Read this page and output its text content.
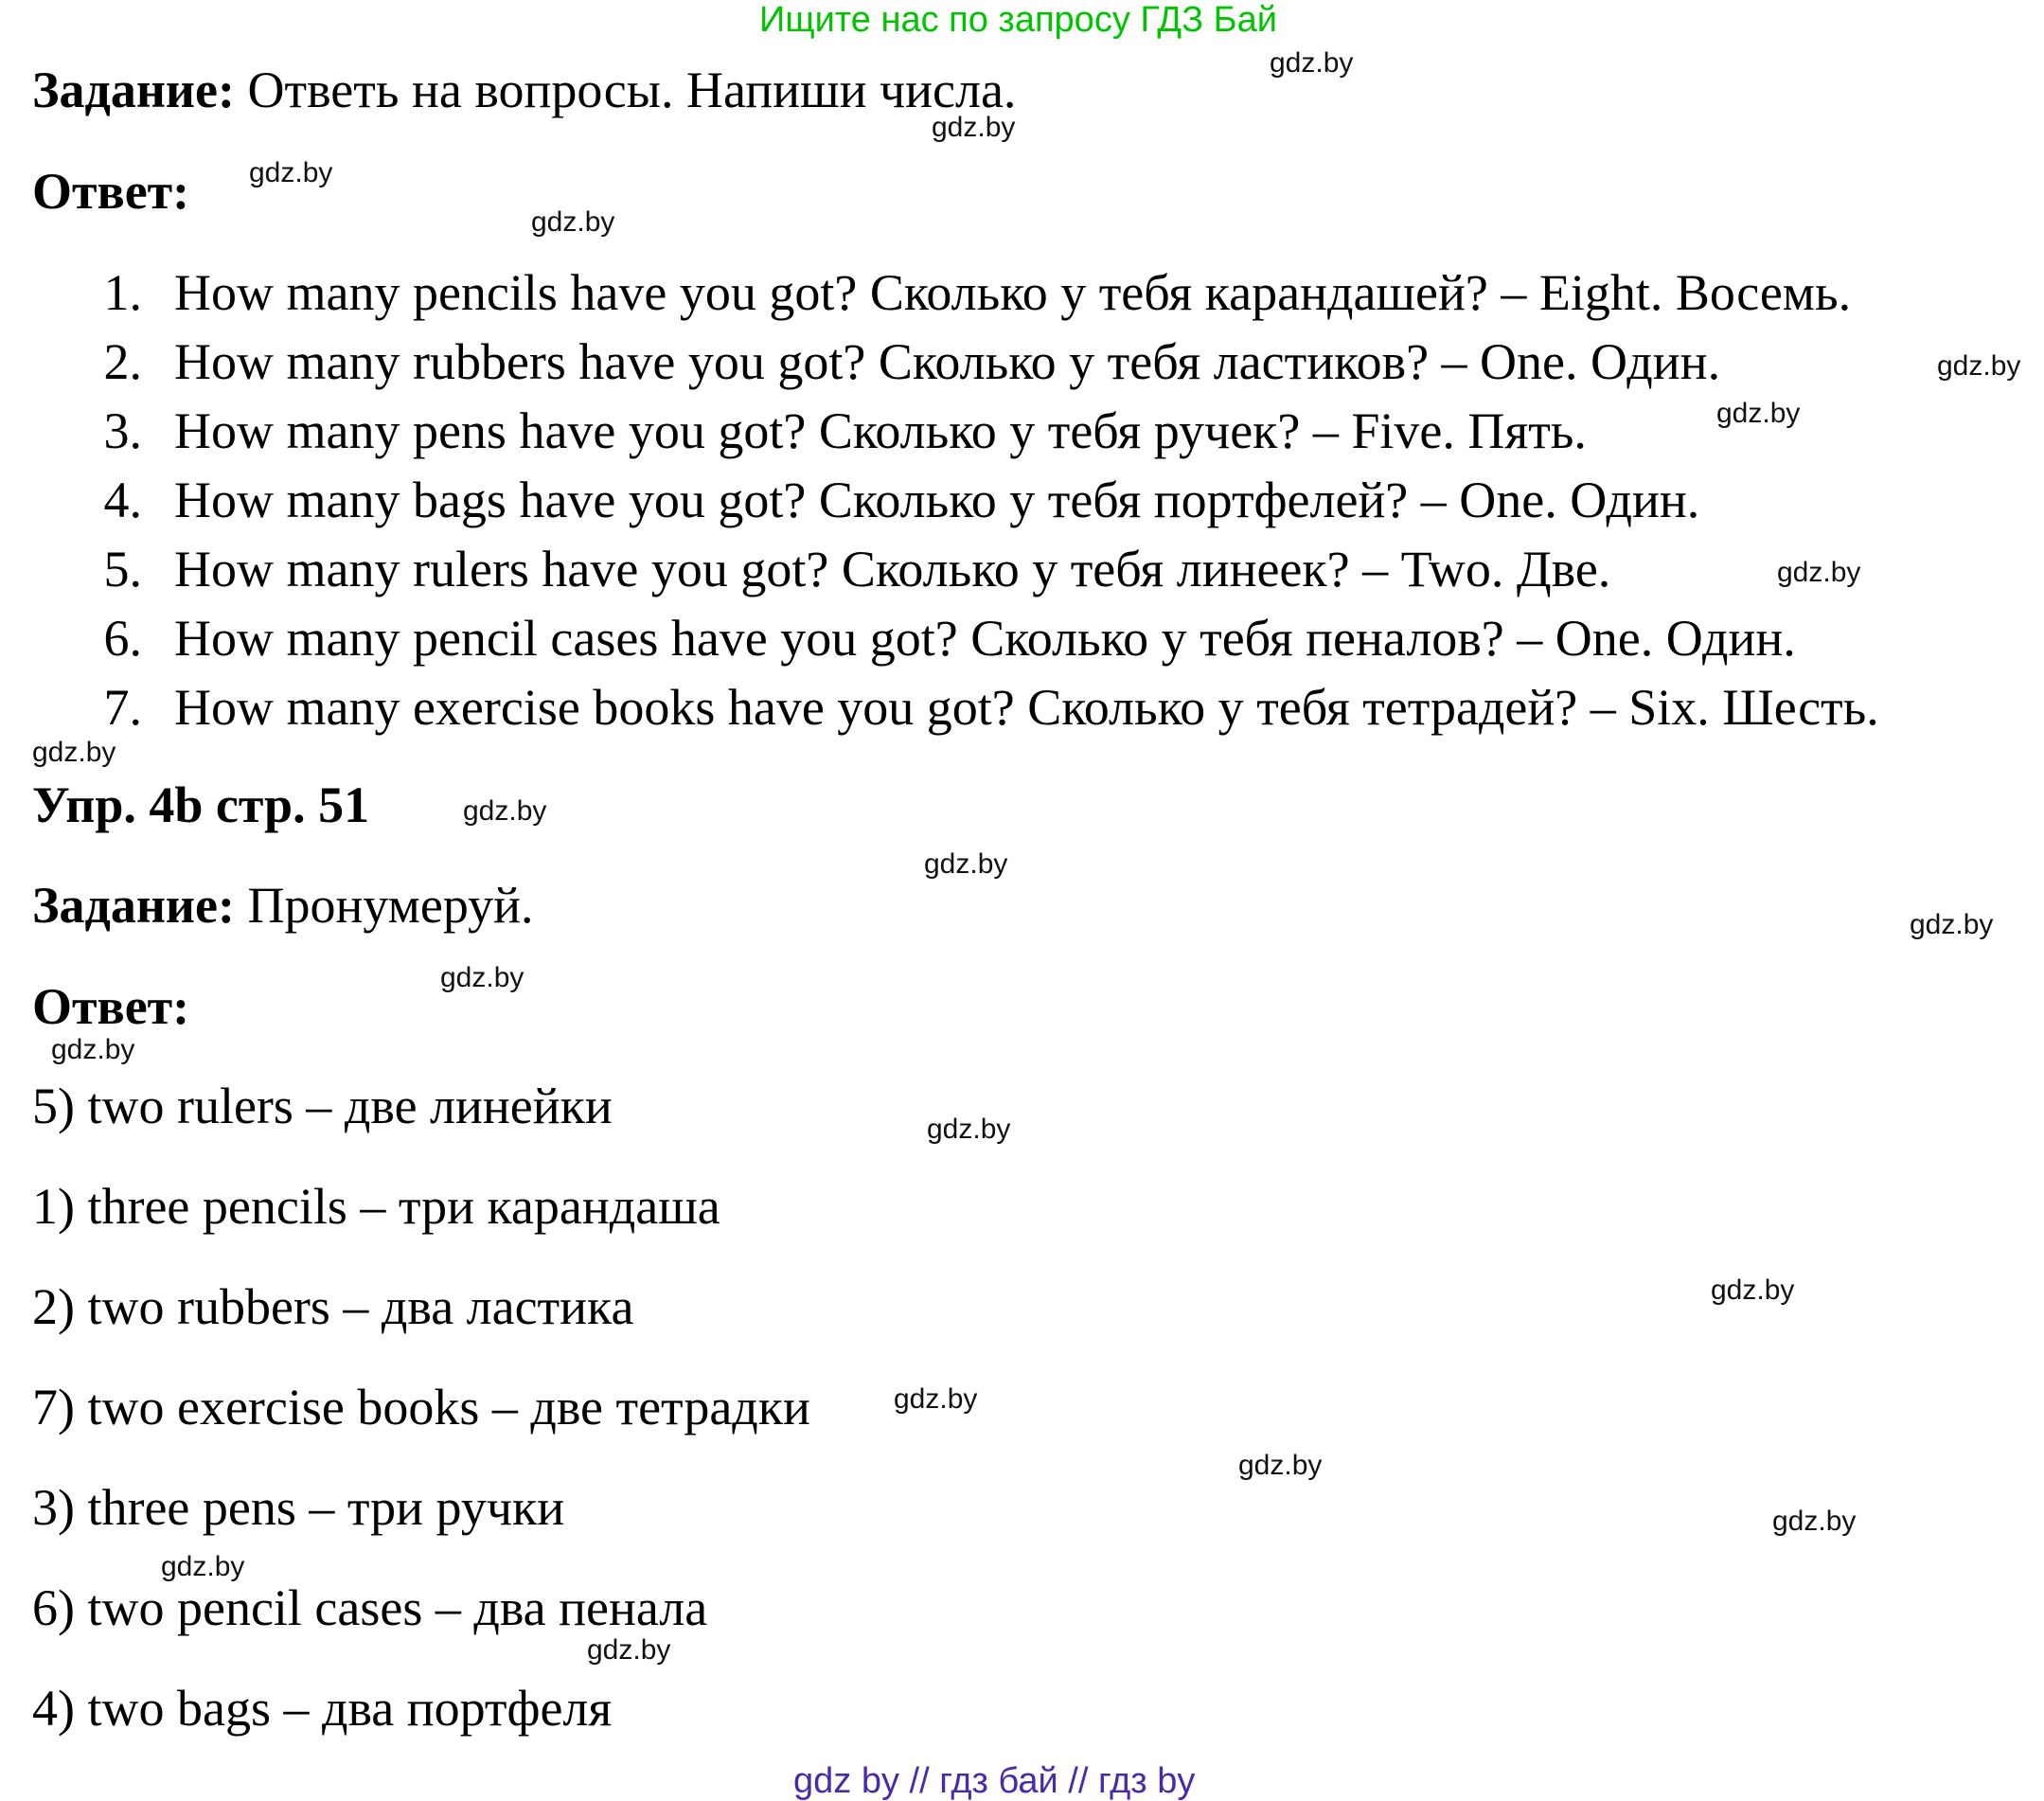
Ищите нас по запросу ГДЗ Бай
Задание: Ответь на вопросы. Напиши числа.
Ответ:
1. How many pencils have you got? Сколько у тебя карандашей? – Eight. Восемь.
2. How many rubbers have you got? Сколько у тебя ластиков? – One. Один.
3. How many pens have you got? Сколько у тебя ручек? – Five. Пять.
4. How many bags have you got? Сколько у тебя портфелей? – One. Один.
5. How many rulers have you got? Сколько у тебя линеек? – Two. Две.
6. How many pencil cases have you got? Сколько у тебя пеналов? – One. Один.
7. How many exercise books have you got? Сколько у тебя тетрадей? – Six. Шесть.
Упр. 4b стр. 51
Задание: Пронумеруй.
Ответ:
5) two rulers – две линейки
1) three pencils – три карандаша
2) two rubbers – два ластика
7) two exercise books – две тетрадки
3) three pens – три ручки
6) two pencil cases – два пенала
4) two bags – два портфеля
gdz.by
gdz.by
gdz.by
gdz.by
gdz.by
gdz.by
gdz.by
gdz.by
gdz.by
gdz.by
gdz.by
gdz.by
gdz.by
gdz.by
gdz.by
gdz.by
gdz.by
gdz.by
gdz.by
gdz.by
gdz by // гдз бай // гдз by
